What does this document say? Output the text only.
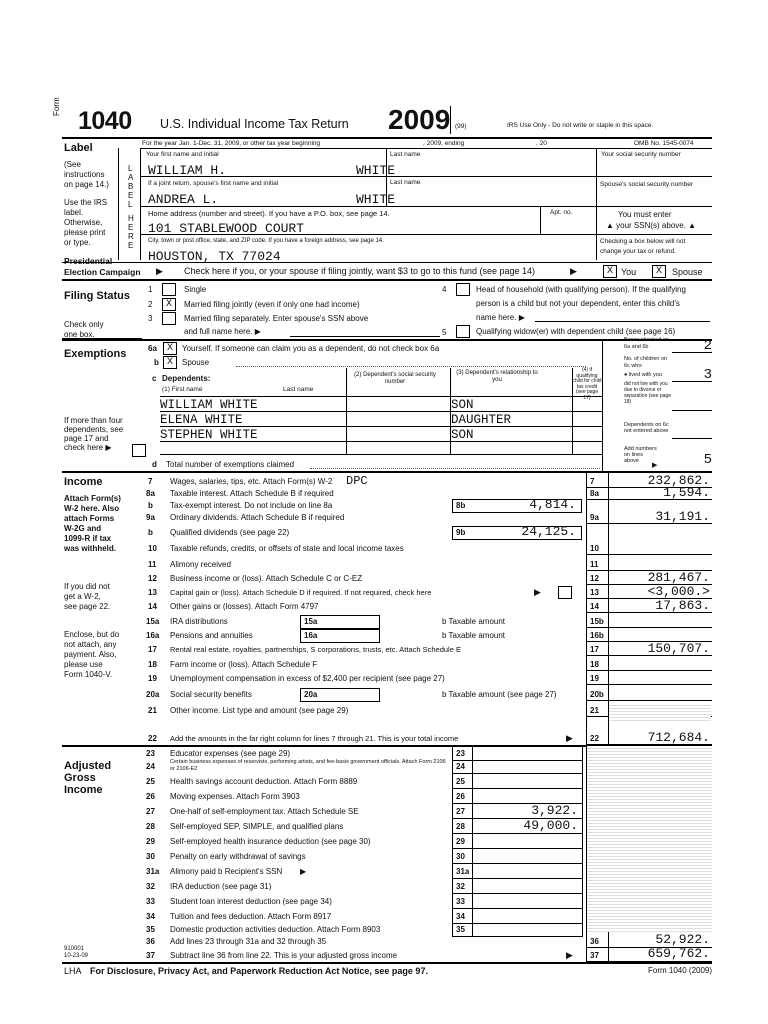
Form
1040 U.S. Individual Income Tax Return 2009 (99)	IRS Use Only - Do not write or staple in this space.
For the year Jan. 1-Dec. 31, 2009, or other tax year beginning	, 2009, ending	, 20	OMB No. 1545-0074
Label
(See
instructions
on page 14.)
Use the IRS
label.
Otherwise,
please print
or type.
Presidential
Election Campaign ▶
L
A
B
E
L
H
E
R
E
Your first name and initial	Last name	Your social security number
WILLIAM H.	WHITE
If a joint return, spouse's first name and initial	Last name	Spouse's social security number
ANDREA L.	WHITE
Home address (number and street). If you have a P.O. box, see page 14.	Apt. no.
101 STABLEWOOD COURT
You must enter
▲ your SSN(s) above. ▲
City, town or post office, state, and ZIP code. If you have a foreign address, see page 14.	Checking a box below will not
change your tax or refund.
HOUSTON, TX 77024
Check here if you, or your spouse if filing jointly, want $3 to go to this fund (see page 14)	▶	X You	X	Spouse
Filing Status
Check only
one box.
1	Single
2	X	Married filing jointly (even if only one had income)
3	Married filing separately. Enter spouse's SSN above
and full name here. ▶
4	Head of household (with qualifying person). If the qualifying
person is a child but not your dependent, enter this child's
name here. ▶
5	Qualifying widow(er) with dependent child (see page 16)
Exemptions	6a	X	Yourself. If someone can claim you as a dependent, do not check box 6a
b X	Spouse
c Dependents:
(1) First name	Last name
(2) Dependent's social security number
(3) Dependent's relationship to you
(4) if qualifying child for child tax credit (see page 17)
WILLIAM WHITE	SON
ELENA WHITE	DAUGHTER
STEPHEN WHITE	SON
If more than four
dependents, see
page 17 and
check here ▶
d Total number of exemptions claimed
Boxes checked on 6a and 6b	2
No. of children on 6c who:
● lived with you	3
did not live with you due to divorce or separation (see page 18)
Dependents on 6c not entered above
Add numbers on lines above
▶	5
Income
Attach Form(s)
W-2 here. Also
attach Forms
W-2G and
1099-R if tax
was withheld.
If you did not
get a W-2,
see page 22.
Enclose, but do
not attach, any
payment. Also,
please use
Form 1040-V.
7 Wages, salaries, tips, etc. Attach Form(s) W-2 DPC	7	232,862.
8a Taxable interest. Attach Schedule B if required	8a	1,594.
b Tax-exempt interest. Do not include on line 8a	8b	4,814.
9a Ordinary dividends. Attach Schedule B if required	9a	31,191.
b Qualified dividends (see page 22)	9b	24,125.
10 Taxable refunds, credits, or offsets of state and local income taxes	10
11 Alimony received	11
12 Business income or (loss). Attach Schedule C or C-EZ	12	281,467.
13 Capital gain or (loss). Attach Schedule D if required. If not required, check here	13	<3,000.>
▶
14 Other gains or (losses). Attach Form 4797	14	17,863.
15a IRA distributions	15a	b Taxable amount	15b
16a Pensions and annuities	16a	b Taxable amount	16b
17 Rental real estate, royalties, partnerships, S corporations, trusts, etc. Attach Schedule E	17	150,707.
18 Farm income or (loss). Attach Schedule F	18
19 Unemployment compensation in excess of $2,400 per recipient (see page 27)	19
20a Social security benefits	20a	b Taxable amount (see page 27)	20b
21 Other income. List type and amount (see page 29)	21
22 Add the amounts in the far right column for lines 7 through 21. This is your total income	22	712,684.
▶
Adjusted
Gross
Income
23 Educator expenses (see page 29)	23
24	Certain business expenses of reservists, performing artists, and fee-basis government officials. Attach Form 2106 or 2106-EZ	24
25 Health savings account deduction. Attach Form 8889	25
26 Moving expenses. Attach Form 3903	26
27 One-half of self-employment tax. Attach Schedule SE	27	3,922.
28 Self-employed SEP, SIMPLE, and qualified plans	28	49,000.
29 Self-employed health insurance deduction (see page 30)	29
30 Penalty on early withdrawal of savings	30
31a Alimony paid b Recipient's SSN	31a
▶
32 IRA deduction (see page 31)	32
33 Student loan interest deduction (see page 34)	33
34 Tuition and fees deduction. Attach Form 8917	34
35 Domestic production activities deduction. Attach Form 8903	35
36 Add lines 23 through 31a and 32 through 35	36	52,922.
37 Subtract line 36 from line 22. This is your adjusted gross income	37	659,762.
▶
910001
10-23-09
LHA For Disclosure, Privacy Act, and Paperwork Reduction Act Notice, see page 97.	Form 1040 (2009)
